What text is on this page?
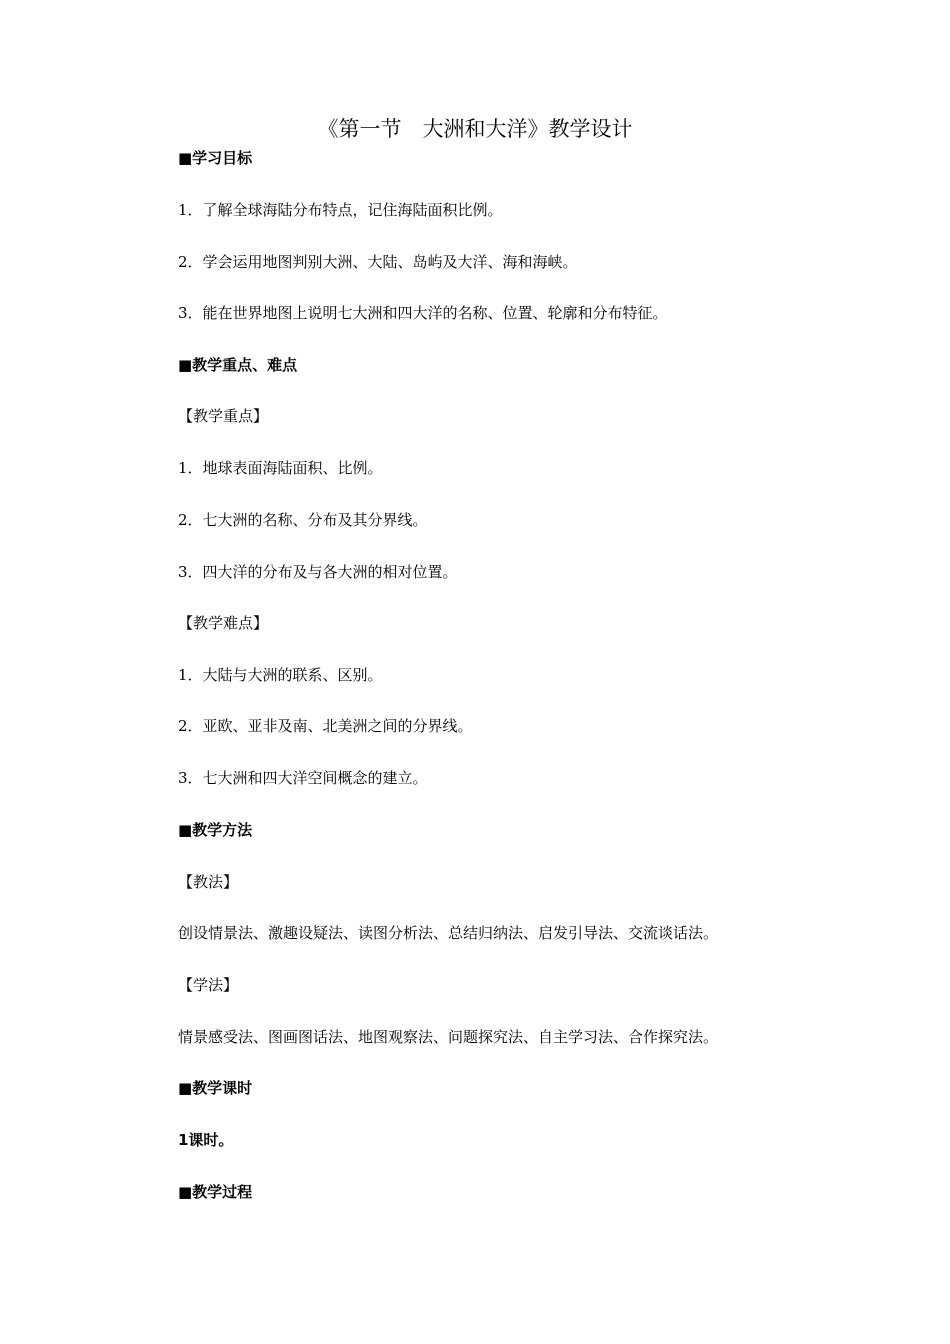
《第一节　大洲和大洋》教学设计
■学习目标
1．了解全球海陆分布特点，记住海陆面积比例。
2．学会运用地图判别大洲、大陆、岛屿及大洋、海和海峡。
3．能在世界地图上说明七大洲和四大洋的名称、位置、轮廓和分布特征。
■教学重点、难点
【教学重点】
1．地球表面海陆面积、比例。
2．七大洲的名称、分布及其分界线。
3．四大洋的分布及与各大洲的相对位置。
【教学难点】
1．大陆与大洲的联系、区别。
2．亚欧、亚非及南、北美洲之间的分界线。
3．七大洲和四大洋空间概念的建立。
■教学方法
【教法】
创设情景法、激趣设疑法、读图分析法、总结归纳法、启发引导法、交流谈话法。
【学法】
情景感受法、图画图话法、地图观察法、问题探究法、自主学习法、合作探究法。
■教学课时
1课时。
■教学过程
